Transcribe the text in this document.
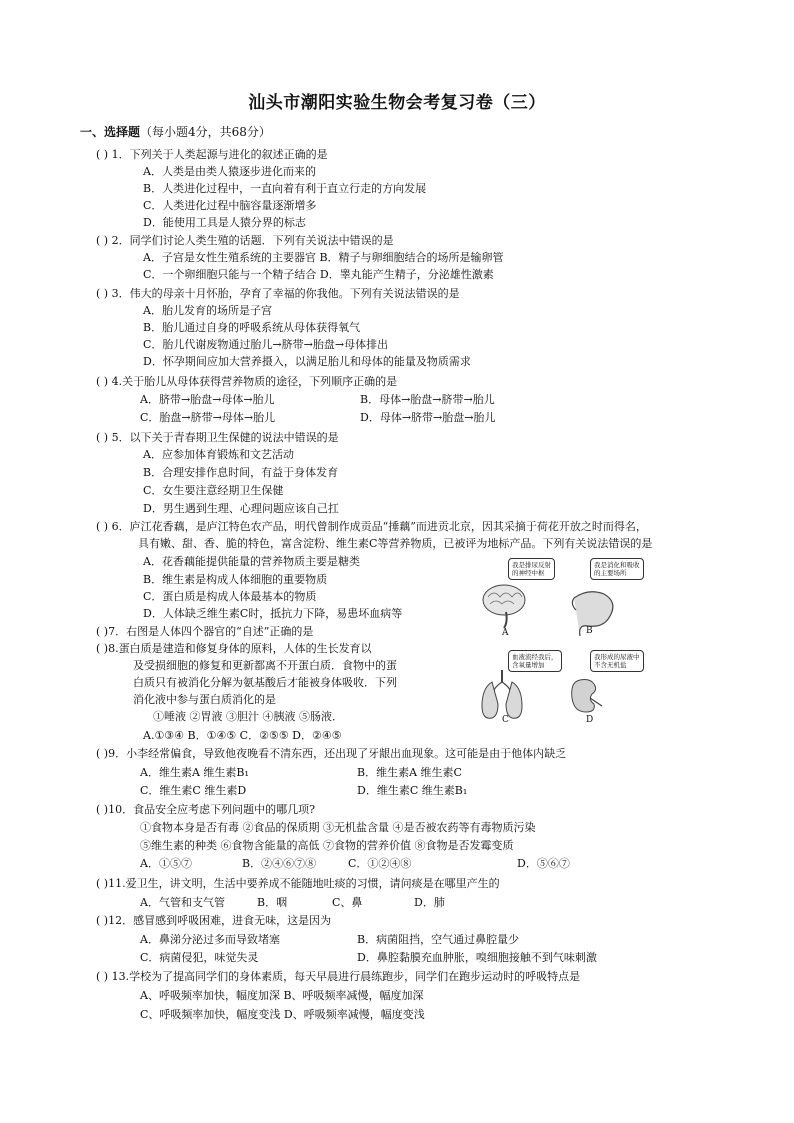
汕头市潮阳实验生物会考复习卷（三）
一、选择题（每小题4分，共68分）
( ) 1．下列关于人类起源与进化的叙述正确的是
A．人类是由类人猿逐步进化而来的
B．人类进化过程中，一直向着有利于直立行走的方向发展
C．人类进化过程中脑容量逐渐增多
D．能使用工具是人猿分界的标志
( ) 2．同学们讨论人类生殖的话题．下列有关说法中错误的是
A．子宫是女性生殖系统的主要器官 B．精子与卵细胞结合的场所是输卵管
C．一个卵细胞只能与一个精子结合 D．睾丸能产生精子，分泌雄性激素
( ) 3．伟大的母亲十月怀胎，孕育了幸福的你我他。下列有关说法错误的是
A．胎儿发育的场所是子宫
B．胎儿通过自身的呼吸系统从母体获得氧气
C．胎儿代谢废物通过胎儿→脐带→胎盘→母体排出
D．怀孕期间应加大营养摄入，以满足胎儿和母体的能量及物质需求
( ) 4.关于胎儿从母体获得营养物质的途径，下列顺序正确的是
A．脐带→胎盘→母体→胎儿	B．母体→胎盘→脐带→胎儿
C．胎盘→脐带→母体→胎儿	D．母体→脐带→胎盘→胎儿
( ) 5．以下关于青春期卫生保健的说法中错误的是
A．应参加体育锻炼和文艺活动
B．合理安排作息时间，有益于身体发育
C．女生要注意经期卫生保健
D．男生遇到生理、心理问题应该自己扛
( ) 6．庐江花香藕，是庐江特色农产品，明代曾制作成贡品“捶藕”而进贡北京，因其采摘于荷花开放之时而得名，
具有嫩、甜、香、脆的特色，富含淀粉、维生素C等营养物质，已被评为地标产品。下列有关说法错误的是
A．花香藕能提供能量的营养物质主要是糖类
B．维生素是构成人体细胞的重要物质
C．蛋白质是构成人体最基本的物质
D．人体缺乏维生素C时，抵抗力下降，易患坏血病等
( )7．右图是人体四个器官的“自述”正确的是
( )8.蛋白质是建造和修复身体的原料，人体的生长发育以
及受损细胞的修复和更新都离不开蛋白质．食物中的蛋
白质只有被消化分解为氨基酸后才能被身体吸收．下列
消化液中参与蛋白质消化的是
①唾液 ②胃液 ③胆汁 ④胰液 ⑤肠液．
A.①③④ B．①④⑤ C．②⑤⑤ D．②④⑤
( )9．小李经常偏食，导致他夜晚看不清东西，还出现了牙龈出血现象。这可能是由于他体内缺乏
A．维生素A 维生素B₁	B．维生素A 维生素C
C．维生素C 维生素D	D．维生素C 维生素B₁
( )10．食品安全应考虑下列问题中的哪几项?
①食物本身是否有毒 ②食品的保质期 ③无机盐含量 ④是否被农药等有毒物质污染
⑤维生素的种类 ⑥食物含能量的高低 ⑦食物的营养价值 ⑧食物是否发霉变质
A．①⑤⑦	B．②④⑥⑦⑧	C．①②④⑧	D．⑤⑥⑦
( )11.爱卫生，讲文明，生活中要养成不能随地吐痰的习惯，请问痰是在哪里产生的
A．气管和支气管	B．咽	C、鼻	D．肺
( )12．感冒感到呼吸困难，进食无味，这是因为
A．鼻涕分泌过多而导致堵塞	B．病菌阻挡，空气通过鼻腔量少
C．病菌侵犯，味觉失灵	D．鼻腔黏膜充血肿胀，嗅细胞接触不到气味刺激
( ) 13.学校为了提高同学们的身体素质，每天早晨进行晨练跑步，同学们在跑步运动时的呼吸特点是
A、呼吸频率加快，幅度加深 B、呼吸频率减慢，幅度加深
C、呼吸频率加快，幅度变浅 D、呼吸频率减慢，幅度变浅
我是排尿反射
的神经中枢
我是消化和吸收
的主要场所
血液流经我后，
含氧量增加
我形成的尿液中
不含无机盐
A	B
C	D
